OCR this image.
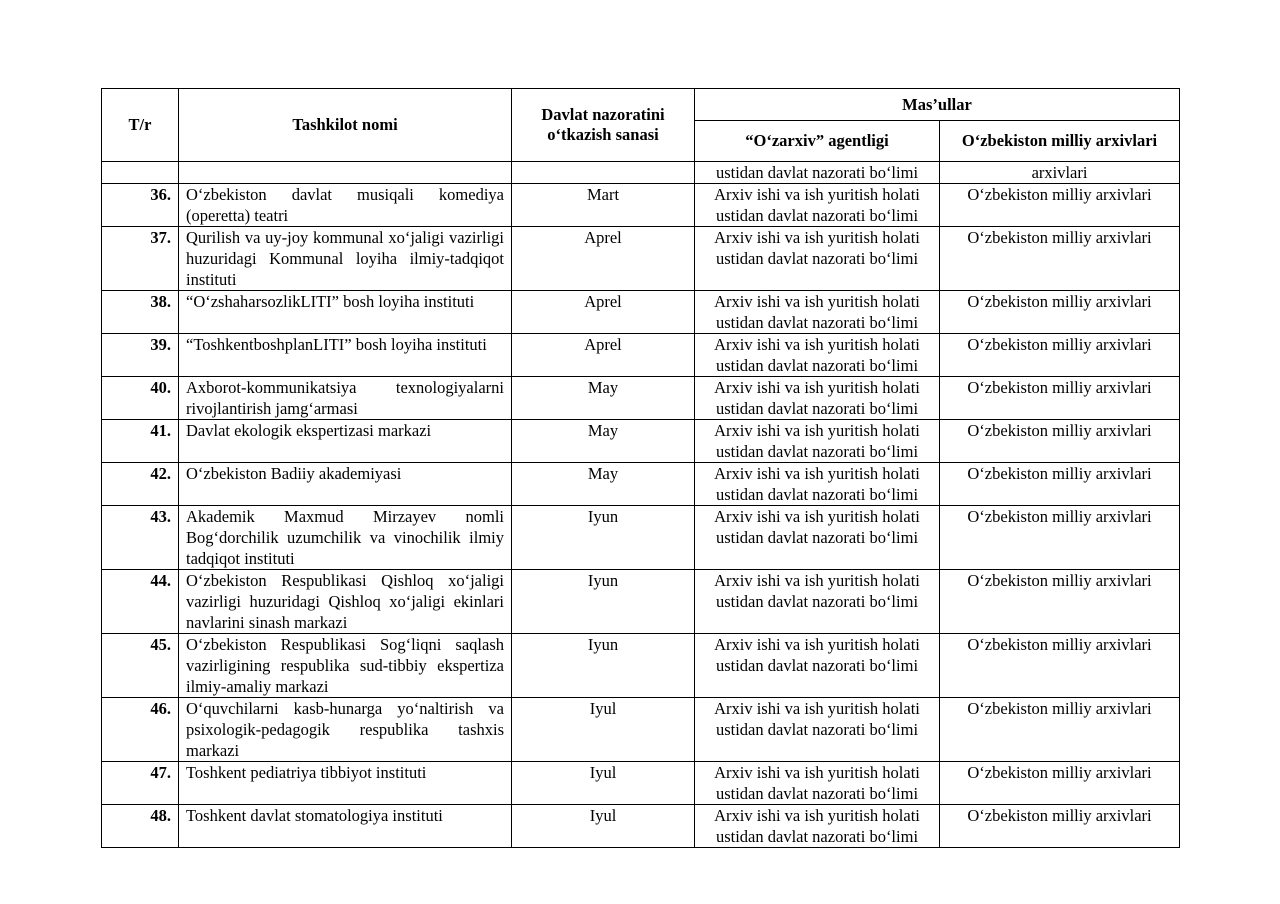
T/r	Tashkilot nomi	Davlat nazoratini o‘tkazish sanasi	Mas’ullar	
			“O‘zarxiv” agentligi	O‘zbekiston milliy arxivlari
			ustidan davlat nazorati bo‘limi	arxivlari
36.	O‘zbekiston davlat musiqali komediya (operetta) teatri	Mart	Arxiv ishi va ish yuritish holati ustidan davlat nazorati bo‘limi	O‘zbekiston milliy arxivlari
37.	Qurilish va uy-joy kommunal xo‘jaligi vazirligi huzuridagi Kommunal loyiha ilmiy-tadqiqot instituti	Aprel	Arxiv ishi va ish yuritish holati ustidan davlat nazorati bo‘limi	O‘zbekiston milliy arxivlari
38.	“O‘zshaharsozlikLITI” bosh loyiha instituti	Aprel	Arxiv ishi va ish yuritish holati ustidan davlat nazorati bo‘limi	O‘zbekiston milliy arxivlari
39.	“ToshkentboshplanLITI” bosh loyiha instituti	Aprel	Arxiv ishi va ish yuritish holati ustidan davlat nazorati bo‘limi	O‘zbekiston milliy arxivlari
40.	Axborot-kommunikatsiya texnologiyalarni rivojlantirish jamg‘armasi	May	Arxiv ishi va ish yuritish holati ustidan davlat nazorati bo‘limi	O‘zbekiston milliy arxivlari
41.	Davlat ekologik ekspertizasi markazi	May	Arxiv ishi va ish yuritish holati ustidan davlat nazorati bo‘limi	O‘zbekiston milliy arxivlari
42.	O‘zbekiston Badiiy akademiyasi	May	Arxiv ishi va ish yuritish holati ustidan davlat nazorati bo‘limi	O‘zbekiston milliy arxivlari
43.	Akademik Maxmud Mirzayev nomli Bog‘dorchilik uzumchilik va vinochilik ilmiy tadqiqot instituti	Iyun	Arxiv ishi va ish yuritish holati ustidan davlat nazorati bo‘limi	O‘zbekiston milliy arxivlari
44.	O‘zbekiston Respublikasi Qishloq xo‘jaligi vazirligi huzuridagi Qishloq xo‘jaligi ekinlari navlarini sinash markazi	Iyun	Arxiv ishi va ish yuritish holati ustidan davlat nazorati bo‘limi	O‘zbekiston milliy arxivlari
45.	O‘zbekiston Respublikasi Sog‘liqni saqlash vazirligining respublika sud-tibbiy ekspertiza ilmiy-amaliy markazi	Iyun	Arxiv ishi va ish yuritish holati ustidan davlat nazorati bo‘limi	O‘zbekiston milliy arxivlari
46.	O‘quvchilarni kasb-hunarga yo‘naltirish va psixologik-pedagogik respublika tashxis markazi	Iyul	Arxiv ishi va ish yuritish holati ustidan davlat nazorati bo‘limi	O‘zbekiston milliy arxivlari
47.	Toshkent pediatriya tibbiyot instituti	Iyul	Arxiv ishi va ish yuritish holati ustidan davlat nazorati bo‘limi	O‘zbekiston milliy arxivlari
48.	Toshkent davlat stomatologiya instituti	Iyul	Arxiv ishi va ish yuritish holati ustidan davlat nazorati bo‘limi	O‘zbekiston milliy arxivlari
